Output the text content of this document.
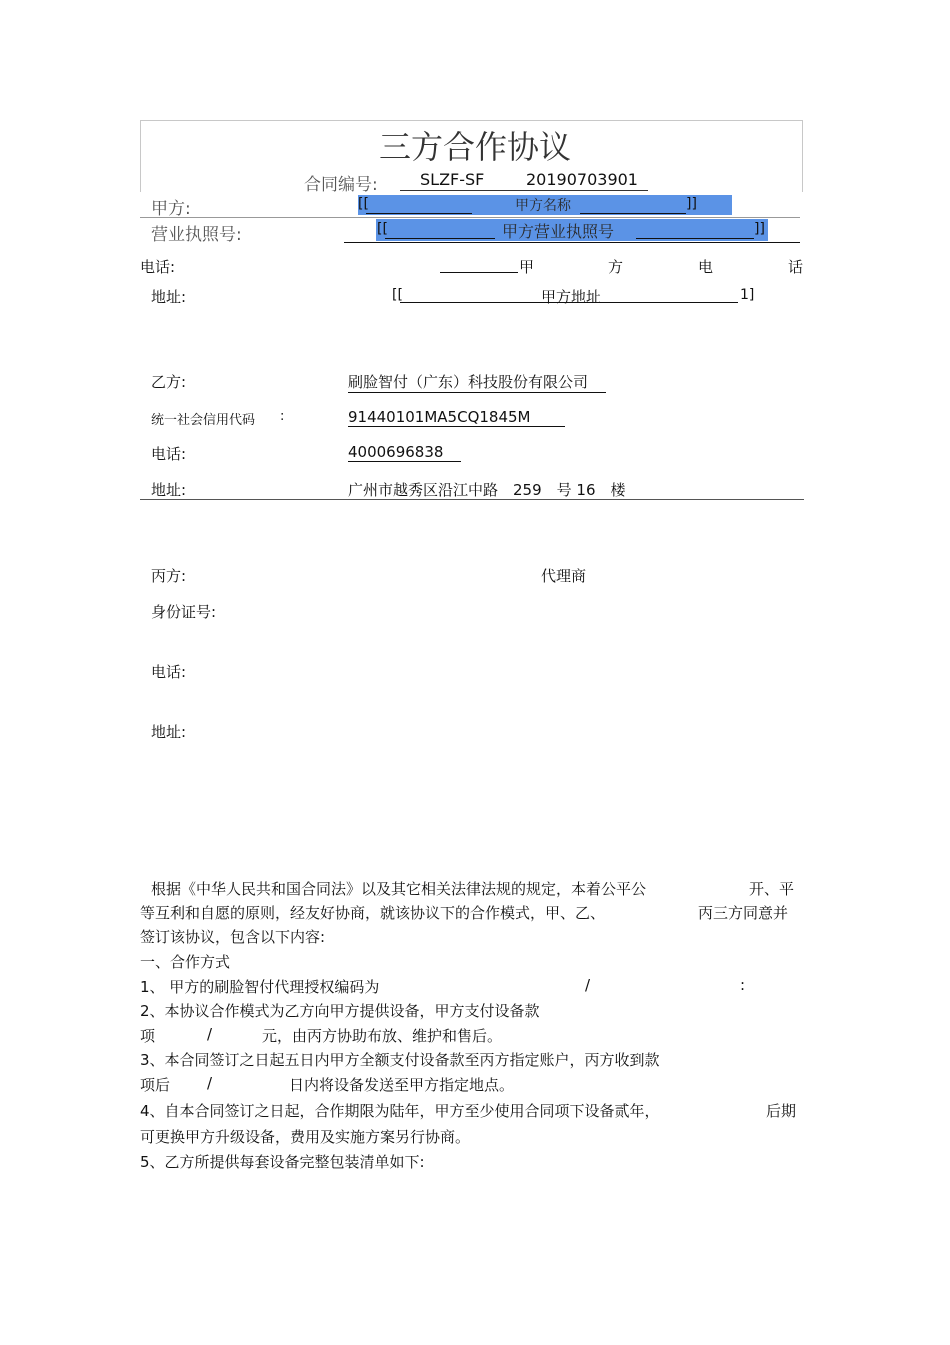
三方合作协议
合同编号:	SLZF-SF	20190703901
甲方:	[[	甲方名称	]]
营业执照号:	[[	甲方营业执照号	]]
电话:	甲	方	电	话
地址:	[[	甲方地址	1]
乙方:	刷脸智付（广东）科技股份有限公司
统一社会信用代码 :	91440101MA5CQ1845M
电话:	4000696838
地址:	广州市越秀区沿江中路　259　号 16　楼
丙方:	代理商
身份证号:
电话:
地址:
根据《中华人民共和国合同法》以及其它相关法律法规的规定，本着公平公	开、平
等互利和自愿的原则，经友好协商，就该协议下的合作模式，甲、乙、	丙三方同意并
签订该协议，包含以下内容:
一、合作方式
1、 甲方的刷脸智付代理授权编码为	/	:
2、本协议合作模式为乙方向甲方提供设备，甲方支付设备款
项	/	元，由丙方协助布放、维护和售后。
3、本合同签订之日起五日内甲方全额支付设备款至丙方指定账户，丙方收到款
项后 /	日内将设备发送至甲方指定地点。
4、自本合同签订之日起，合作期限为陆年，甲方至少使用合同项下设备贰年，	后期
可更换甲方升级设备，费用及实施方案另行协商。
5、乙方所提供每套设备完整包装清单如下:
